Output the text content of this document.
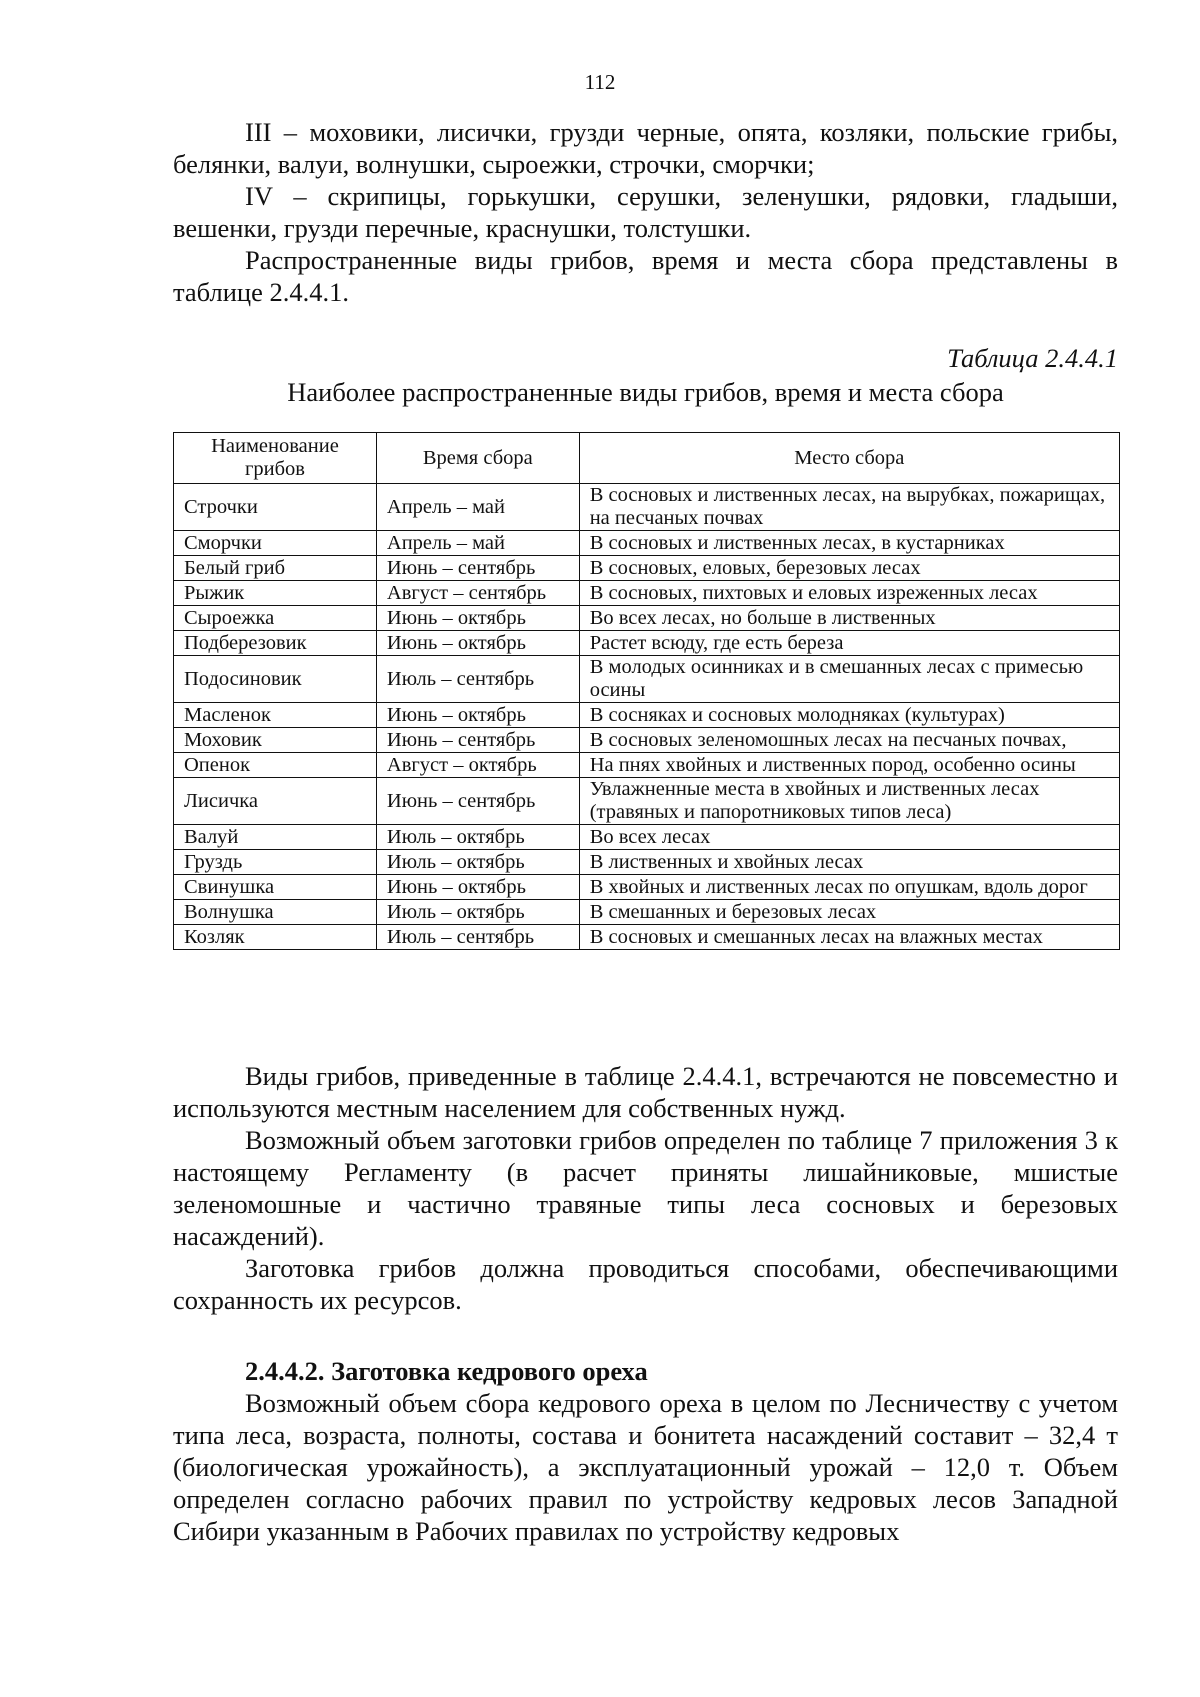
112

III – моховики, лисички, грузди черные, опята, козляки, польские грибы, белянки, валуи, волнушки, сыроежки, строчки, сморчки;

IV – скрипицы, горькушки, серушки, зеленушки, рядовки, гладыши, вешенки, грузди перечные, краснушки, толстушки.

Распространенные виды грибов, время и места сбора представлены в таблице 2.4.4.1.

Таблица 2.4.4.1
Наиболее распространенные виды грибов, время и места сбора
Наименование грибов	Время сбора	Место сбора
Строчки	Апрель – май	В сосновых и лиственных лесах, на вырубках, пожарищах, на песчаных почвах
Сморчки	Апрель – май	В сосновых и лиственных лесах, в кустарниках
Белый гриб	Июнь – сентябрь	В сосновых, еловых, березовых лесах
Рыжик	Август – сентябрь	В сосновых, пихтовых и еловых изреженных лесах
Сыроежка	Июнь – октябрь	Во всех лесах, но больше в лиственных
Подберезовик	Июнь – октябрь	Растет всюду, где есть береза
Подосиновик	Июль – сентябрь	В молодых осинниках и в смешанных лесах с примесью осины
Масленок	Июнь – октябрь	В сосняках и сосновых молодняках (культурах)
Моховик	Июнь – сентябрь	В сосновых зеленомошных лесах на песчаных почвах,
Опенок	Август – октябрь	На пнях хвойных и лиственных пород, особенно осины
Лисичка	Июнь – сентябрь	Увлажненные места в хвойных и лиственных лесах (травяных и папоротниковых типов леса)
Валуй	Июль – октябрь	Во всех лесах
Груздь	Июль – октябрь	В лиственных и хвойных лесах
Свинушка	Июнь – октябрь	В хвойных и лиственных лесах по опушкам, вдоль дорог
Волнушка	Июль – октябрь	В смешанных и березовых лесах
Козляк	Июль – сентябрь	В сосновых и смешанных лесах на влажных местах

Виды грибов, приведенные в таблице 2.4.4.1, встречаются не повсеместно и используются местным населением для собственных нужд.

Возможный объем заготовки грибов определен по таблице 7 приложения 3 к настоящему Регламенту (в расчет приняты лишайниковые, мшистые зеленомошные и частично травяные типы леса сосновых и березовых насаждений).

Заготовка грибов должна проводиться способами, обеспечивающими сохранность их ресурсов.

2.4.4.2. Заготовка кедрового ореха

Возможный объем сбора кедрового ореха в целом по Лесничеству с учетом типа леса, возраста, полноты, состава и бонитета насаждений составит – 32,4 т (биологическая урожайность), а эксплуатационный урожай – 12,0 т. Объем определен согласно рабочих правил по устройству кедровых лесов Западной Сибири указанным в Рабочих правилах по устройству кедровых
